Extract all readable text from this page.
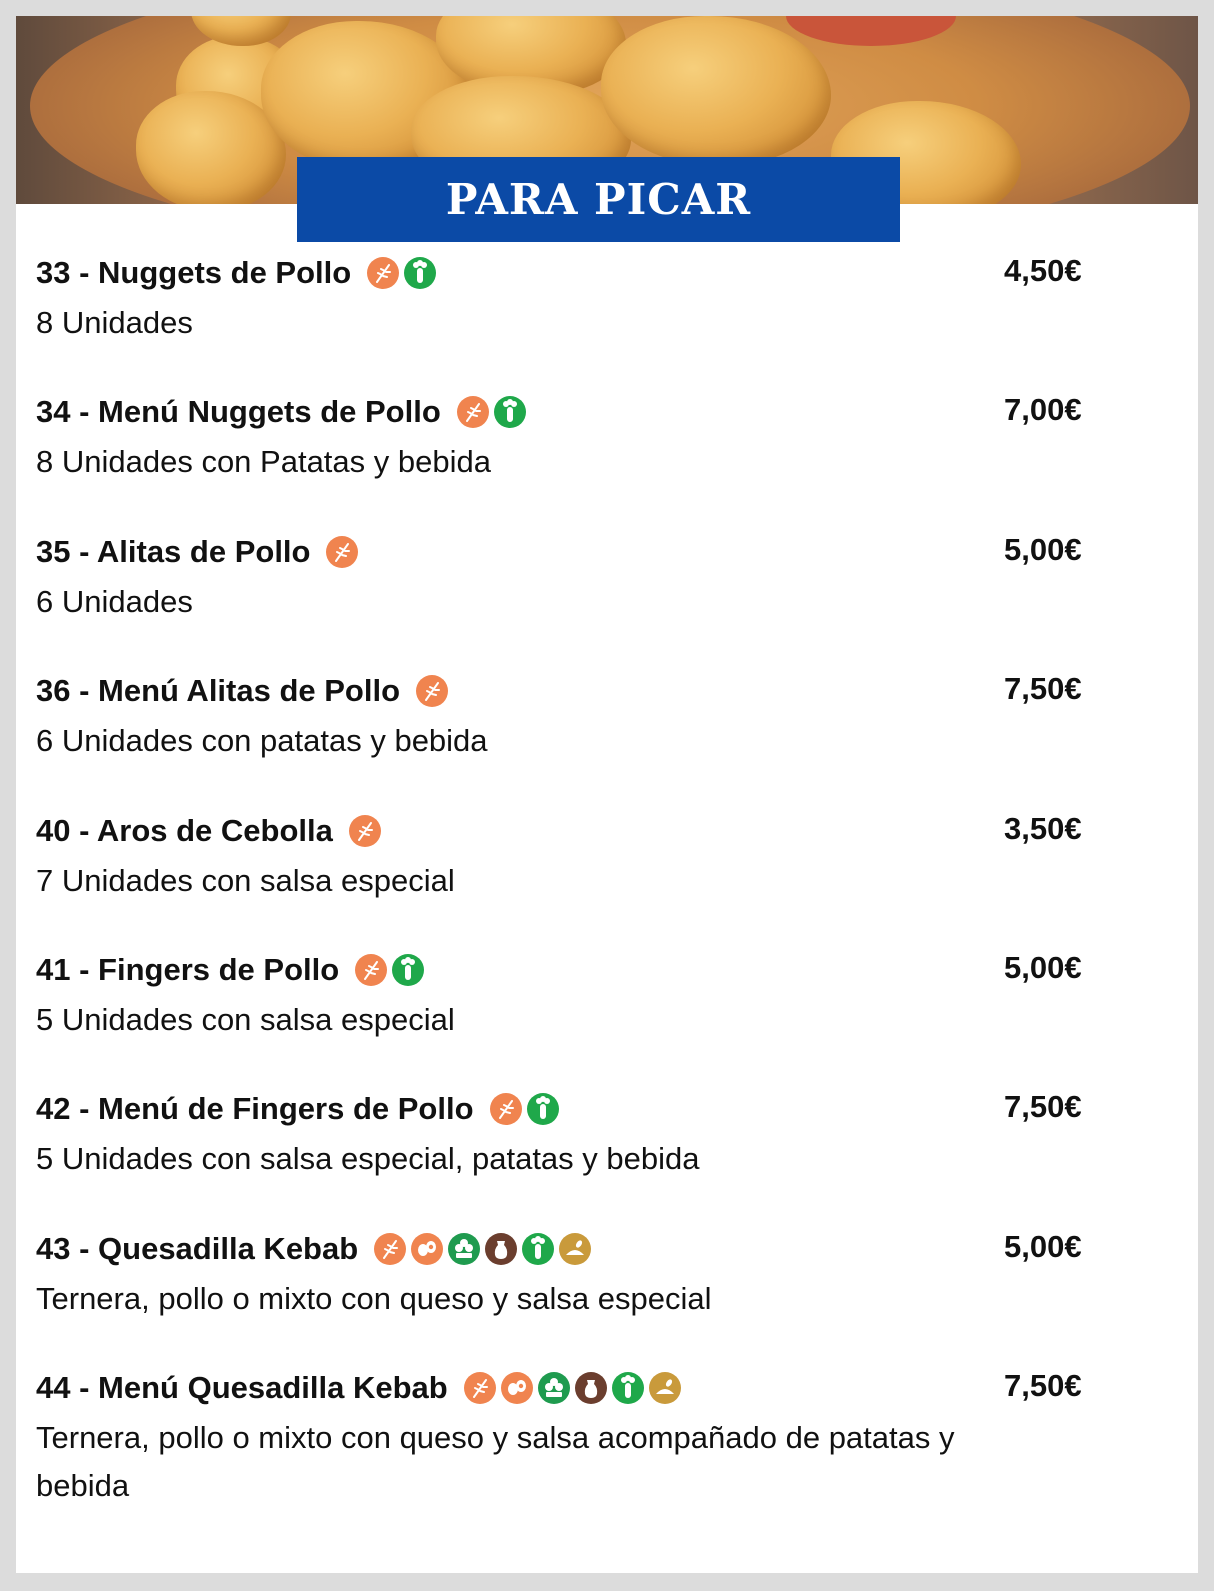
PARA PICAR
33 - Nuggets de Pollo
8 Unidades
4,50€
34 - Menú Nuggets de Pollo
8 Unidades con Patatas y bebida
7,00€
35 - Alitas de Pollo
6 Unidades
5,00€
36 - Menú Alitas de Pollo
6 Unidades con patatas y bebida
7,50€
40 - Aros de Cebolla
7 Unidades con salsa especial
3,50€
41 - Fingers de Pollo
5 Unidades con salsa especial
5,00€
42 - Menú de Fingers de Pollo
5 Unidades con salsa especial, patatas y bebida
7,50€
43 - Quesadilla Kebab
Ternera, pollo o mixto con queso y salsa especial
5,00€
44 - Menú Quesadilla Kebab
Ternera, pollo o mixto con queso y salsa acompañado de patatas y bebida
7,50€
